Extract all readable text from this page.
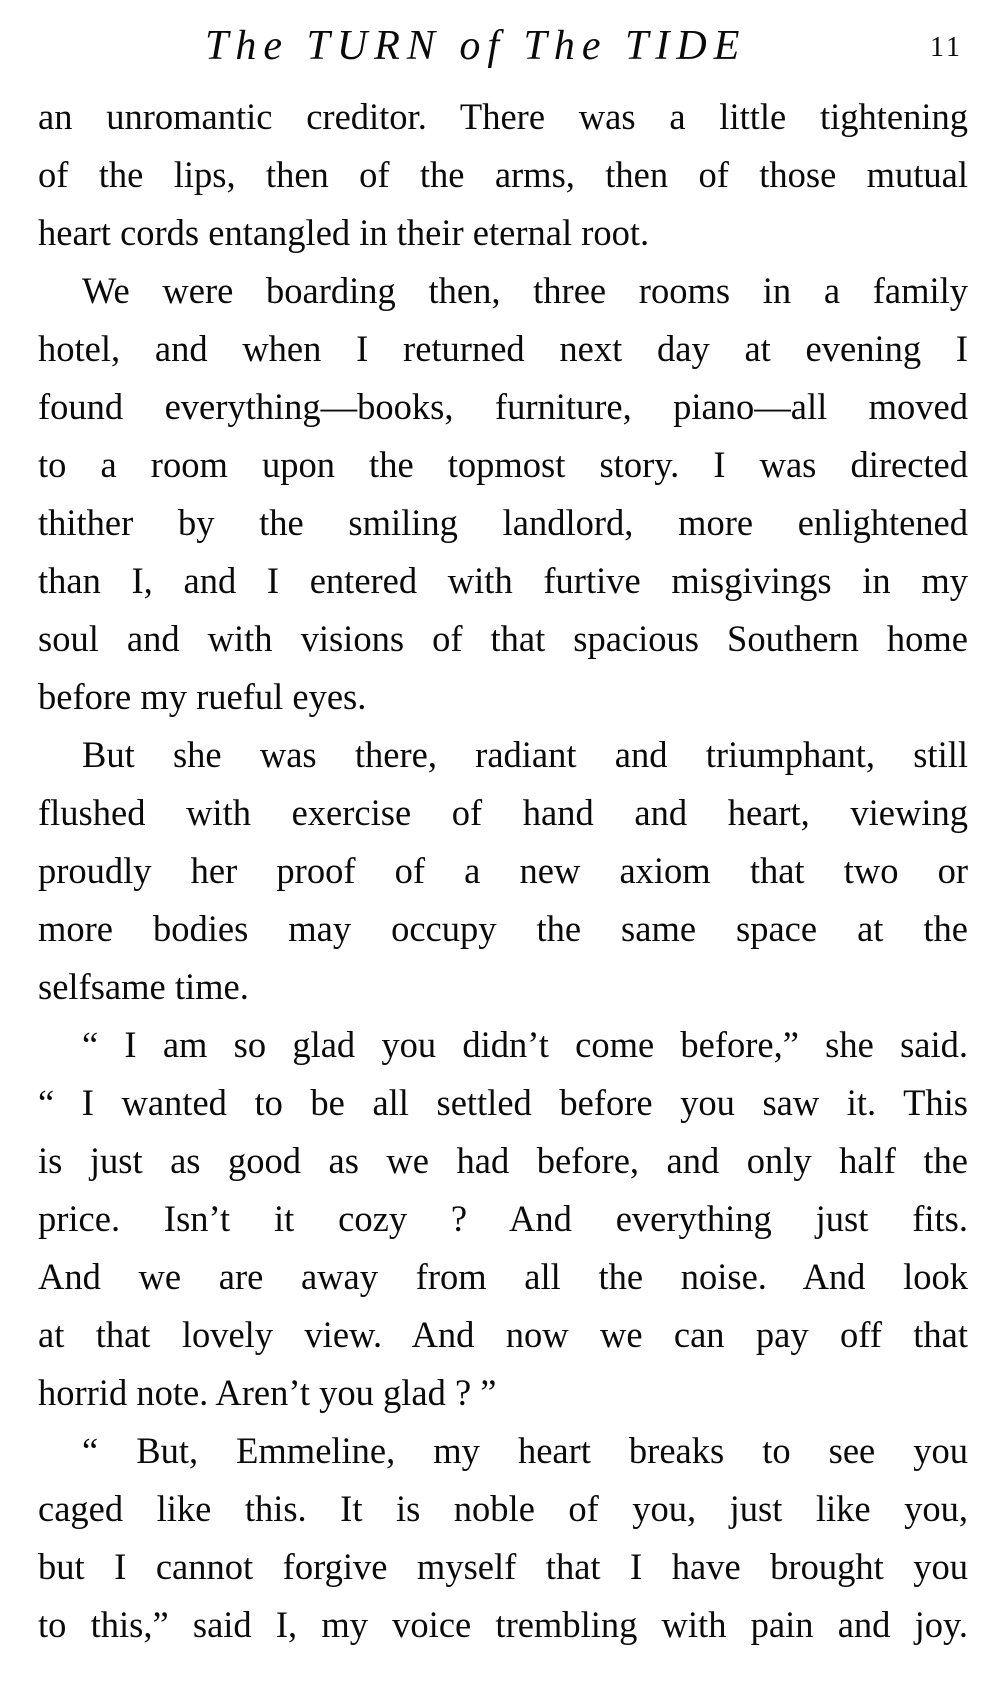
The TURN of The TIDE	11

an unromantic creditor. There was a little tightening
of the lips, then of the arms, then of those mutual
heart cords entangled in their eternal root.

We were boarding then, three rooms in a family
hotel, and when I returned next day at evening I
found everything—books, furniture, piano—all moved
to a room upon the topmost story. I was directed
thither by the smiling landlord, more enlightened
than I, and I entered with furtive misgivings in my
soul and with visions of that spacious Southern home
before my rueful eyes.

But she was there, radiant and triumphant, still
flushed with exercise of hand and heart, viewing
proudly her proof of a new axiom that two or
more bodies may occupy the same space at the
selfsame time.

“ I am so glad you didn’t come before,” she said.
“ I wanted to be all settled before you saw it. This
is just as good as we had before, and only half the
price. Isn’t it cozy ? And everything just fits.
And we are away from all the noise. And look
at that lovely view. And now we can pay off that
horrid note. Aren’t you glad ? ”

“ But, Emmeline, my heart breaks to see you
caged like this. It is noble of you, just like you,
but I cannot forgive myself that I have brought you
to this,” said I, my voice trembling with pain and joy.
